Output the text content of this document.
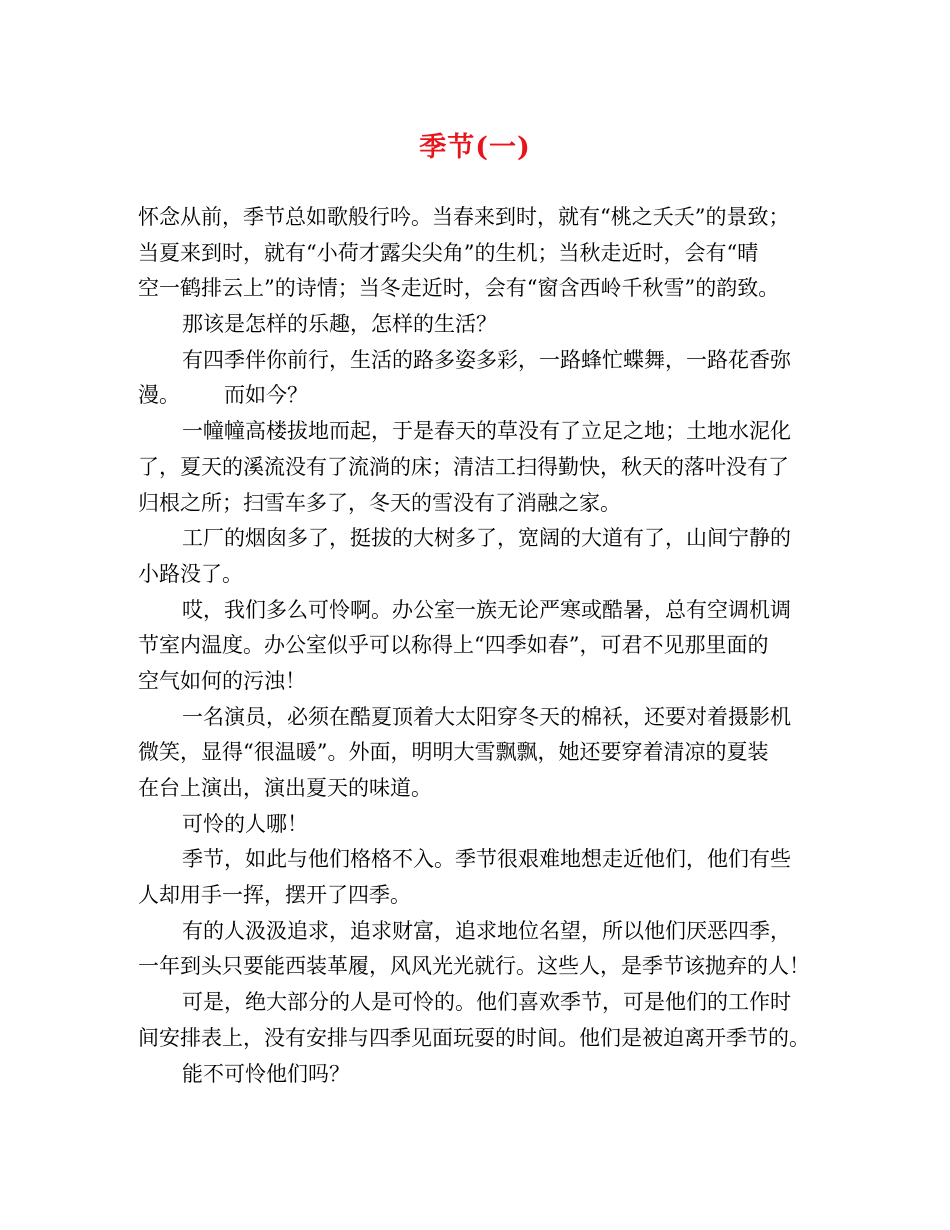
季节(一)
怀念从前，季节总如歌般行吟。当春来到时，就有“桃之夭夭”的景致；
当夏来到时，就有“小荷才露尖尖角”的生机；当秋走近时，会有“晴
空一鹤排云上”的诗情；当冬走近时，会有“窗含西岭千秋雪”的韵致。
那该是怎样的乐趣，怎样的生活？
有四季伴你前行，生活的路多姿多彩，一路蜂忙蝶舞，一路花香弥
漫。 而如今？
一幢幢高楼拔地而起，于是春天的草没有了立足之地；土地水泥化
了，夏天的溪流没有了流淌的床；清洁工扫得勤快，秋天的落叶没有了
归根之所；扫雪车多了，冬天的雪没有了消融之家。
工厂的烟囱多了，挺拔的大树多了，宽阔的大道有了，山间宁静的
小路没了。
哎，我们多么可怜啊。办公室一族无论严寒或酷暑，总有空调机调
节室内温度。办公室似乎可以称得上“四季如春”，可君不见那里面的
空气如何的污浊！
一名演员，必须在酷夏顶着大太阳穿冬天的棉袄，还要对着摄影机
微笑，显得“很温暖”。外面，明明大雪飘飘，她还要穿着清凉的夏装
在台上演出，演出夏天的味道。
可怜的人哪！
季节，如此与他们格格不入。季节很艰难地想走近他们，他们有些
人却用手一挥，摆开了四季。
有的人汲汲追求，追求财富，追求地位名望，所以他们厌恶四季，
一年到头只要能西装革履，风风光光就行。这些人，是季节该抛弃的人！
可是，绝大部分的人是可怜的。他们喜欢季节，可是他们的工作时
间安排表上，没有安排与四季见面玩耍的时间。他们是被迫离开季节的。
能不可怜他们吗？
